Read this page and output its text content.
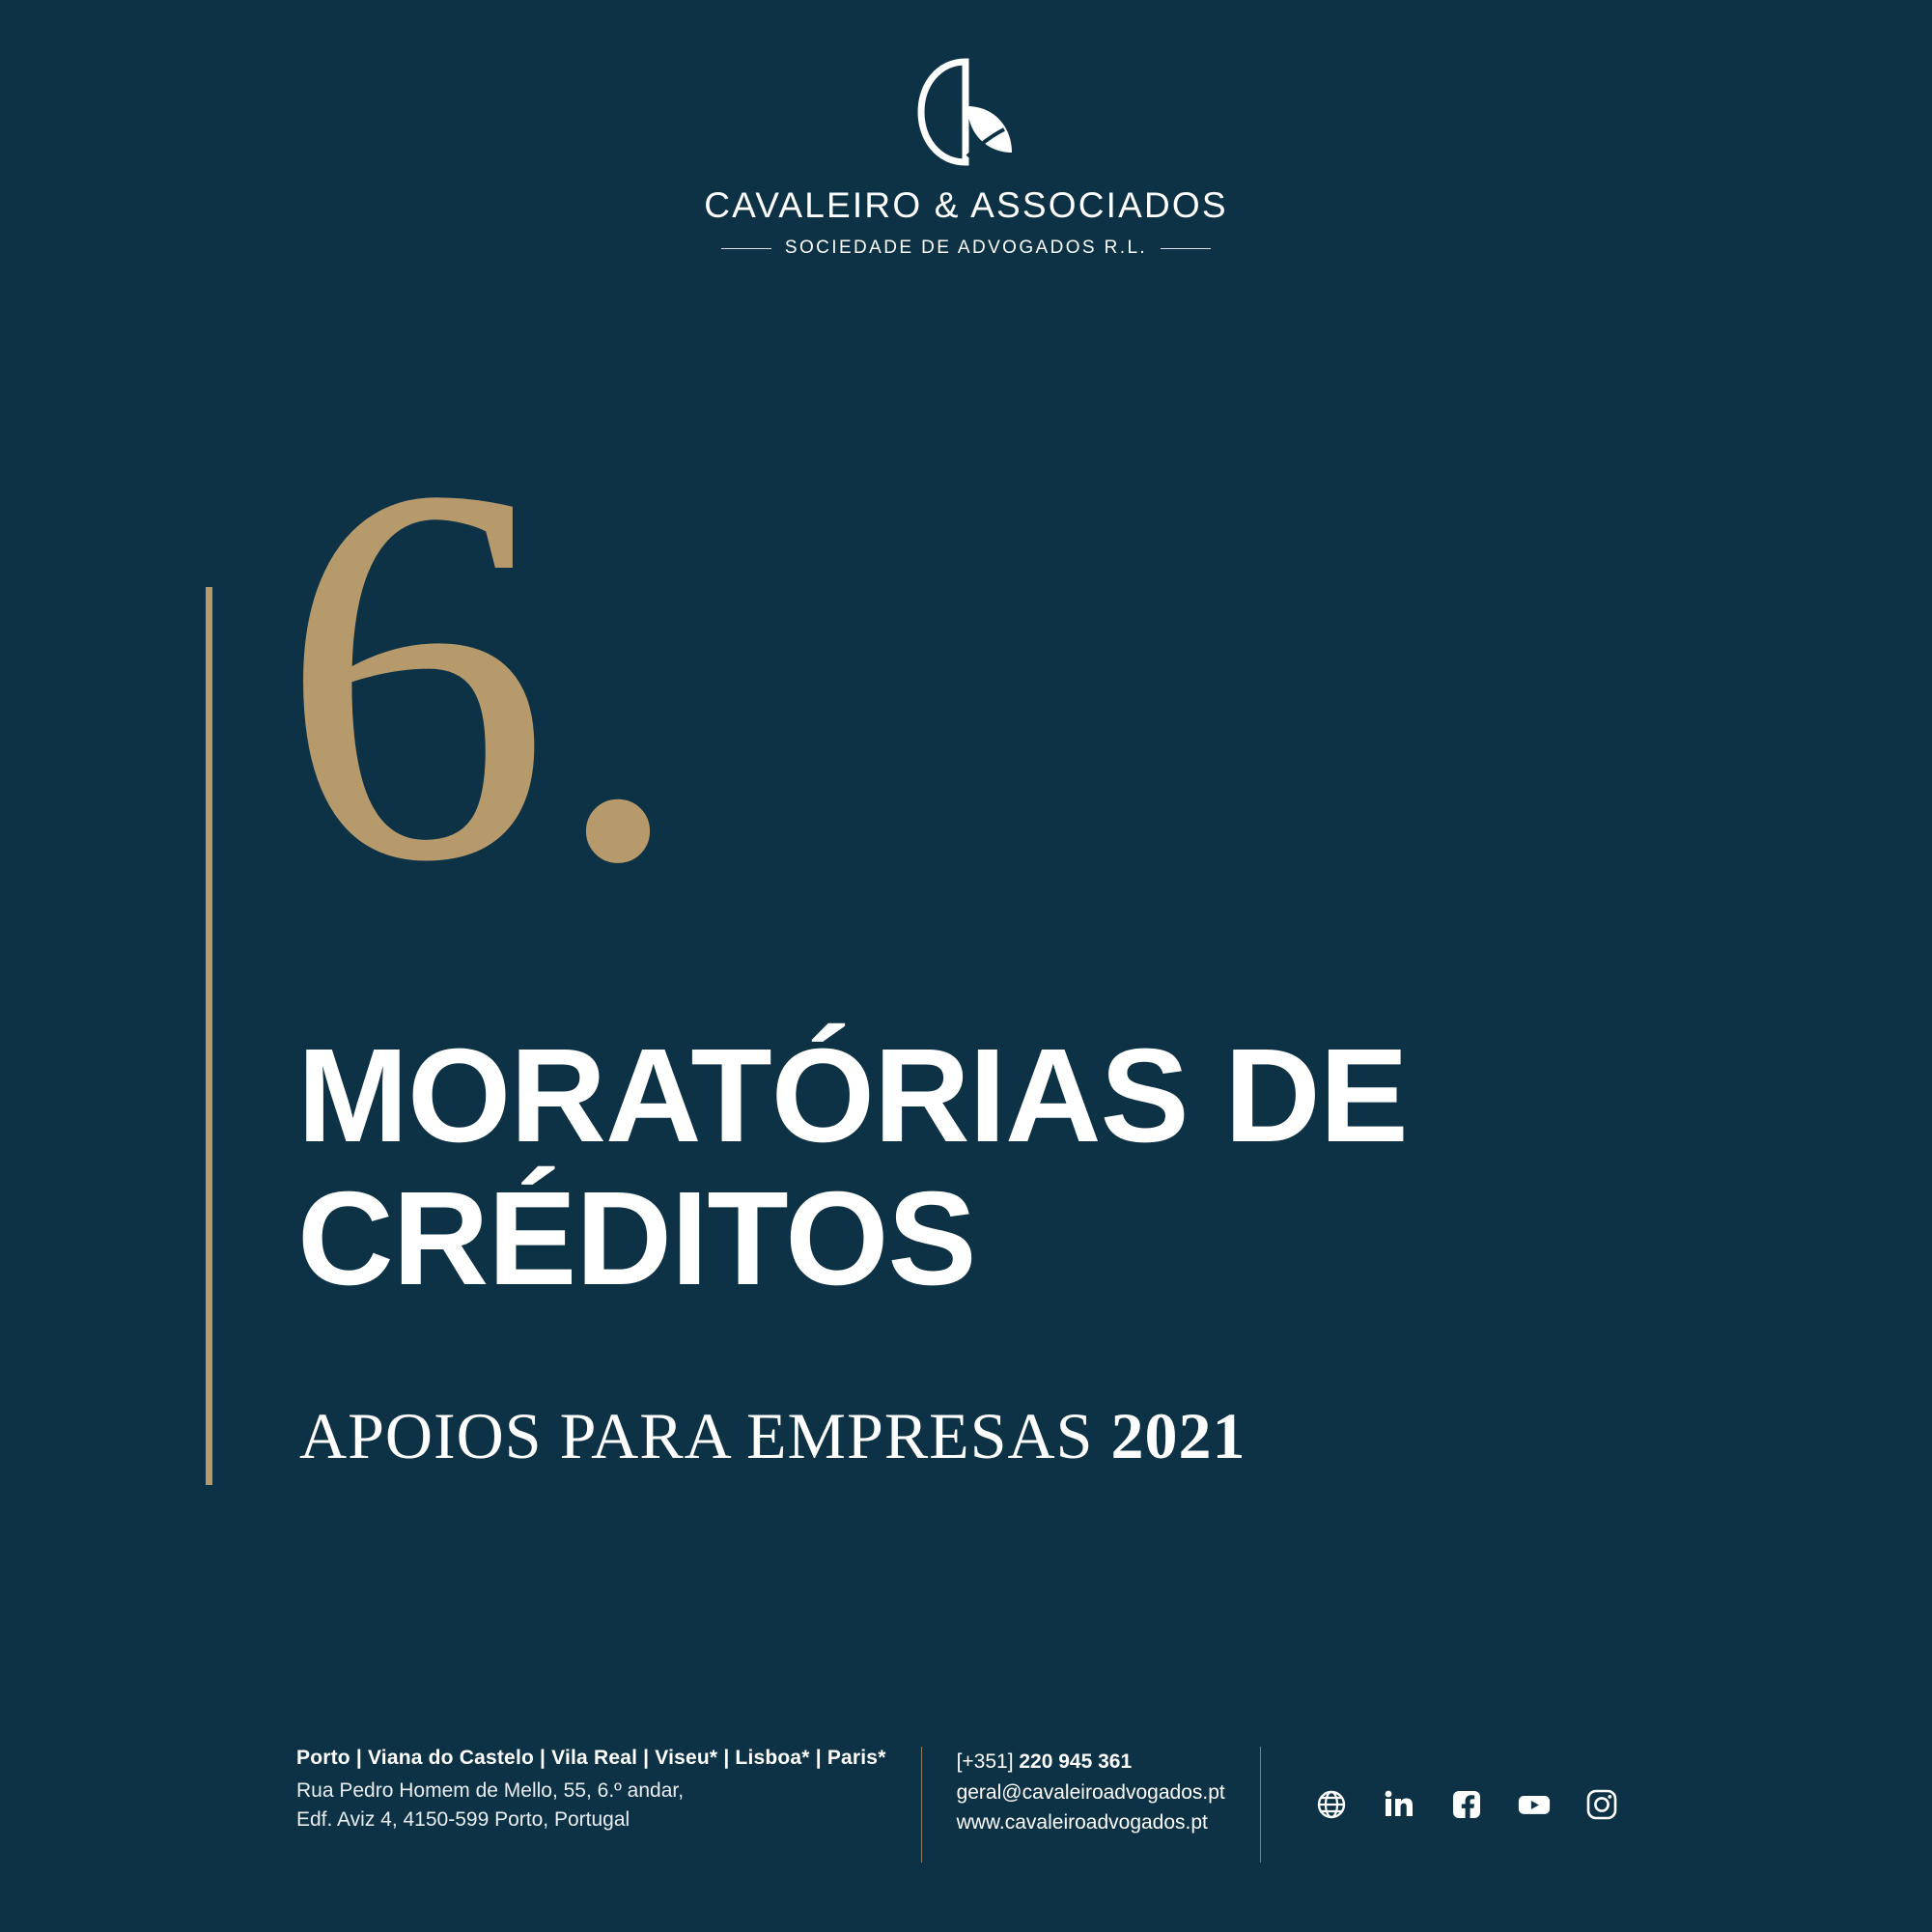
CAVALEIRO & ASSOCIADOS
SOCIEDADE DE ADVOGADOS R.L.
6.
MORATÓRIAS DE
CRÉDITOS
APOIOS PARA EMPRESAS 2021
Porto | Viana do Castelo | Vila Real | Viseu* | Lisboa* | Paris*
Rua Pedro Homem de Mello, 55, 6.º andar,
Edf. Aviz 4, 4150-599 Porto, Portugal
[+351] 220 945 361
geral@cavaleiroadvogados.pt
www.cavaleiroadvogados.pt
